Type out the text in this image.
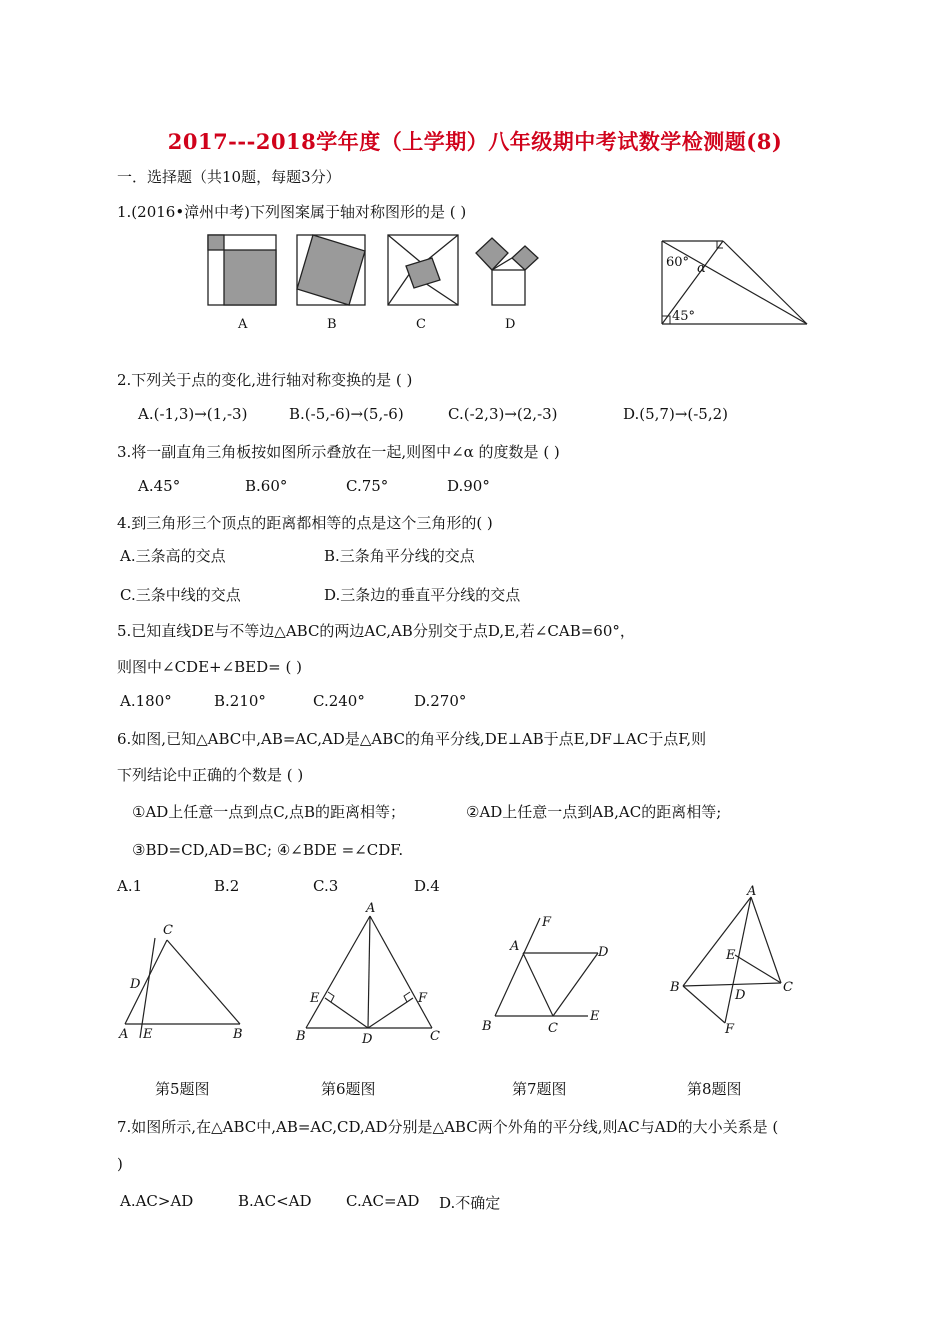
2017---2018学年度（上学期）八年级期中考试数学检测题(8)
一．选择题（共10题，每题3分）
1.(2016•漳州中考)下列图案属于轴对称图形的是 ( )
A	B	C	D
60° α
45°
2.下列关于点的变化,进行轴对称变换的是 ( )
A.(-1,3)→(1,-3)	B.(-5,-6)→(5,-6)	C.(-2,3)→(2,-3)	D.(5,7)→(-5,2)
3.将一副直角三角板按如图所示叠放在一起,则图中∠α 的度数是 ( )
A.45°	B.60°	C.75°	D.90°
4.到三角形三个顶点的距离都相等的点是这个三角形的( )
A.三条高的交点	B.三条角平分线的交点
C.三条中线的交点	D.三条边的垂直平分线的交点
5.已知直线DE与不等边△ABC的两边AC,AB分别交于点D,E,若∠CAB=60°，
则图中∠CDE+∠BED= ( )
A.180°	B.210°	C.240°	D.270°
6.如图,已知△ABC中,AB=AC,AD是△ABC的角平分线,DE⊥AB于点E,DF⊥AC于点F,则
下列结论中正确的个数是 ( )
①AD上任意一点到点C,点B的距离相等；	②AD上任意一点到AB,AC的距离相等;
③BD=CD,AD=BC; ④∠BDE =∠CDF.
A.1	B.2	C.3	D.4
C
D
A E	B
A
E	F
B	D	C
F
A	D
B	C
E
A
E
B
D
C
F
第5题图	第6题图	第7题图	第8题图
7.如图所示,在△ABC中,AB=AC,CD,AD分别是△ABC两个外角的平分线,则AC与AD的大小关系是 (
)
A.AC>AD	B.AC<AD C.AC=AD D.不确定
